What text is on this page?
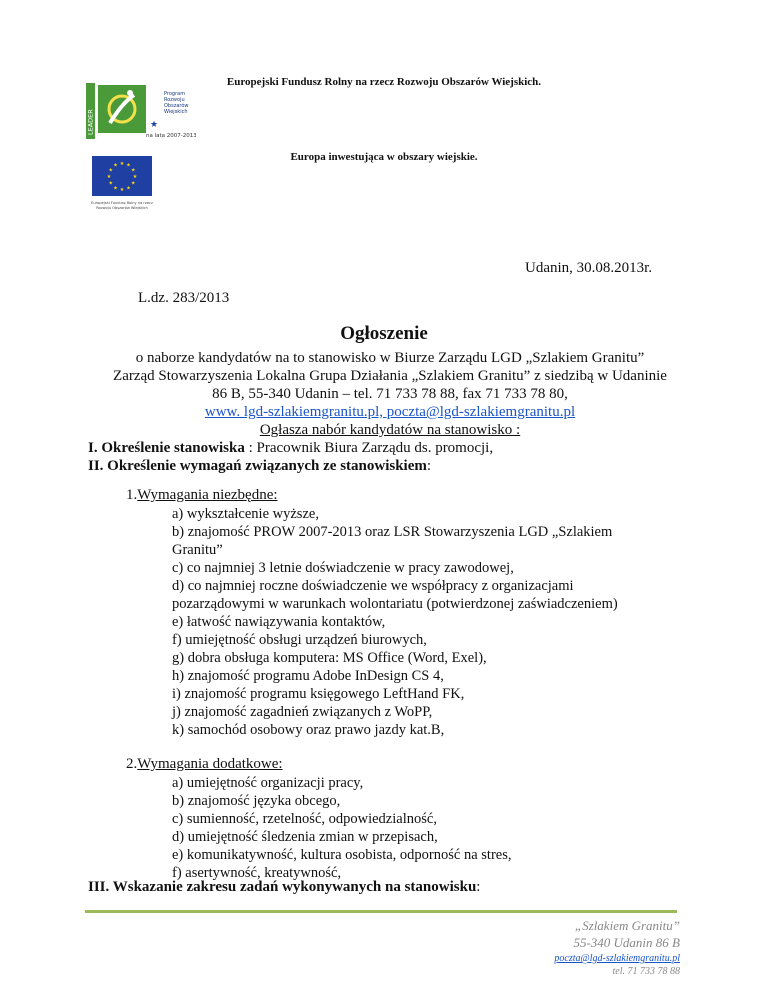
Europejski Fundusz Rolny na rzecz Rozwoju Obszarów Wiejskich.
LEADER	★
Program
Rozwoju
Obszarów
Wiejskich
na lata 2007-2013
Europa inwestująca w obszary wiejskie.
★
★
★
★
★
★
★
★
★ ★ ★
★
Europejski Fundusz Rolny na rzecz
Rozwoju Obszarów Wiejskich
Udanin, 30.08.2013r.
L.dz. 283/2013
Ogłoszenie
o naborze kandydatów na to stanowisko w Biurze Zarządu LGD „Szlakiem Granitu”
Zarząd Stowarzyszenia Lokalna Grupa Działania „Szlakiem Granitu” z siedzibą w Udaninie
86 B, 55-340 Udanin – tel. 71 733 78 88, fax 71 733 78 80,
www. lgd-szlakiemgranitu.pl, poczta@lgd-szlakiemgranitu.pl
Ogłasza nabór kandydatów na stanowisko :
I. Określenie stanowiska : Pracownik Biura Zarządu ds. promocji,
II. Określenie wymagań związanych ze stanowiskiem:
1.Wymagania niezbędne:
a) wykształcenie wyższe,
b) znajomość PROW 2007-2013 oraz LSR Stowarzyszenia LGD „Szlakiem
Granitu”
c) co najmniej 3 letnie doświadczenie w pracy zawodowej,
d) co najmniej roczne doświadczenie we współpracy z organizacjami
pozarządowymi w warunkach wolontariatu (potwierdzonej zaświadczeniem)
e) łatwość nawiązywania kontaktów,
f) umiejętność obsługi urządzeń biurowych,
g) dobra obsługa komputera: MS Office (Word, Exel),
h) znajomość programu Adobe InDesign CS 4,
i) znajomość programu księgowego LeftHand FK,
j) znajomość zagadnień związanych z WoPP,
k) samochód osobowy oraz prawo jazdy kat.B,
2.Wymagania dodatkowe:
a) umiejętność organizacji pracy,
b) znajomość języka obcego,
c) sumienność, rzetelność, odpowiedzialność,
d) umiejętność śledzenia zmian w przepisach,
e) komunikatywność, kultura osobista, odporność na stres,
f) asertywność, kreatywność,
III. Wskazanie zakresu zadań wykonywanych na stanowisku:
„Szlakiem Granitu”
55-340 Udanin 86 B
poczta@lgd-szlakiemgranitu.pl
tel. 71 733 78 88
